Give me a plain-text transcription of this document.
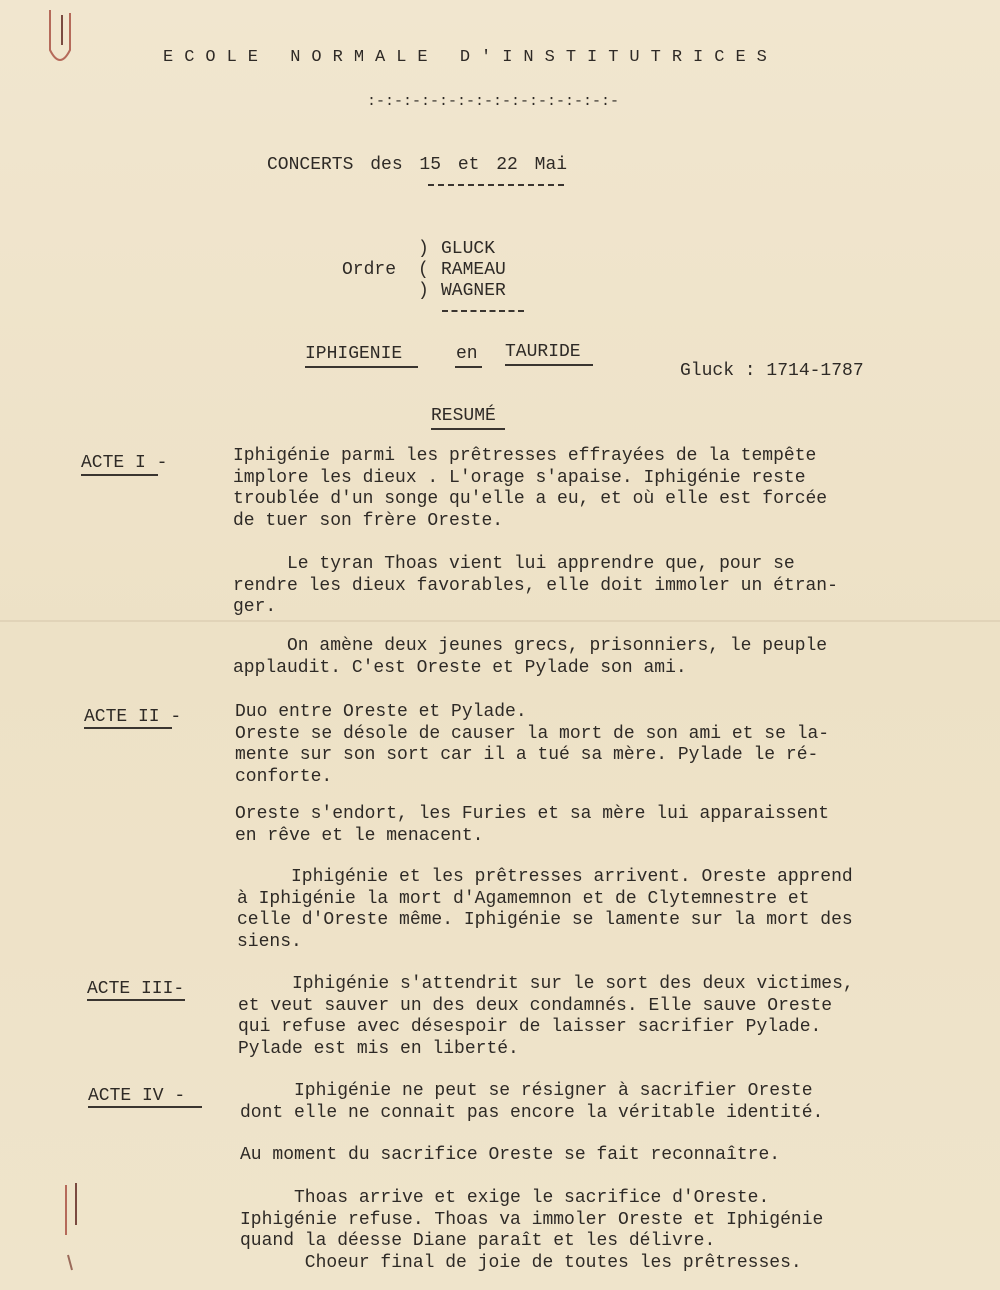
ECOLE NORMALE D'INSTITUTRICES
:-:-:-:-:-:-:-:-:-:-:-:-:-:-
CONCERTS des 15 et 22 Mai
Ordre
)
(
)
GLUCK
RAMEAU
WAGNER
IPHIGENIE	en TAURIDE
Gluck : 1714-1787
RESUMÉ
ACTE I -	Iphigénie parmi les prêtresses effrayées de la tempête
implore les dieux . L'orage s'apaise. Iphigénie reste
troublée d'un songe qu'elle a eu, et où elle est forcée
de tuer son frère Oreste.
Le tyran Thoas vient lui apprendre que, pour se
rendre les dieux favorables, elle doit immoler un étran-
ger.
On amène deux jeunes grecs, prisonniers, le peuple
applaudit. C'est Oreste et Pylade son ami.
ACTE II -	Duo entre Oreste et Pylade.
Oreste se désole de causer la mort de son ami et se la-
mente sur son sort car il a tué sa mère. Pylade le ré-
conforte.
Oreste s'endort, les Furies et sa mère lui apparaissent
en rêve et le menacent.
Iphigénie et les prêtresses arrivent. Oreste apprend
à Iphigénie la mort d'Agamemnon et de Clytemnestre et
celle d'Oreste même. Iphigénie se lamente sur la mort des
siens.
ACTE III-	Iphigénie s'attendrit sur le sort des deux victimes,
et veut sauver un des deux condamnés. Elle sauve Oreste
qui refuse avec désespoir de laisser sacrifier Pylade.
Pylade est mis en liberté.
ACTE IV -	Iphigénie ne peut se résigner à sacrifier Oreste
dont elle ne connait pas encore la véritable identité.
Au moment du sacrifice Oreste se fait reconnaître.
Thoas arrive et exige le sacrifice d'Oreste.
Iphigénie refuse. Thoas va immoler Oreste et Iphigénie
quand la déesse Diane paraît et les délivre.
Choeur final de joie de toutes les prêtresses.
